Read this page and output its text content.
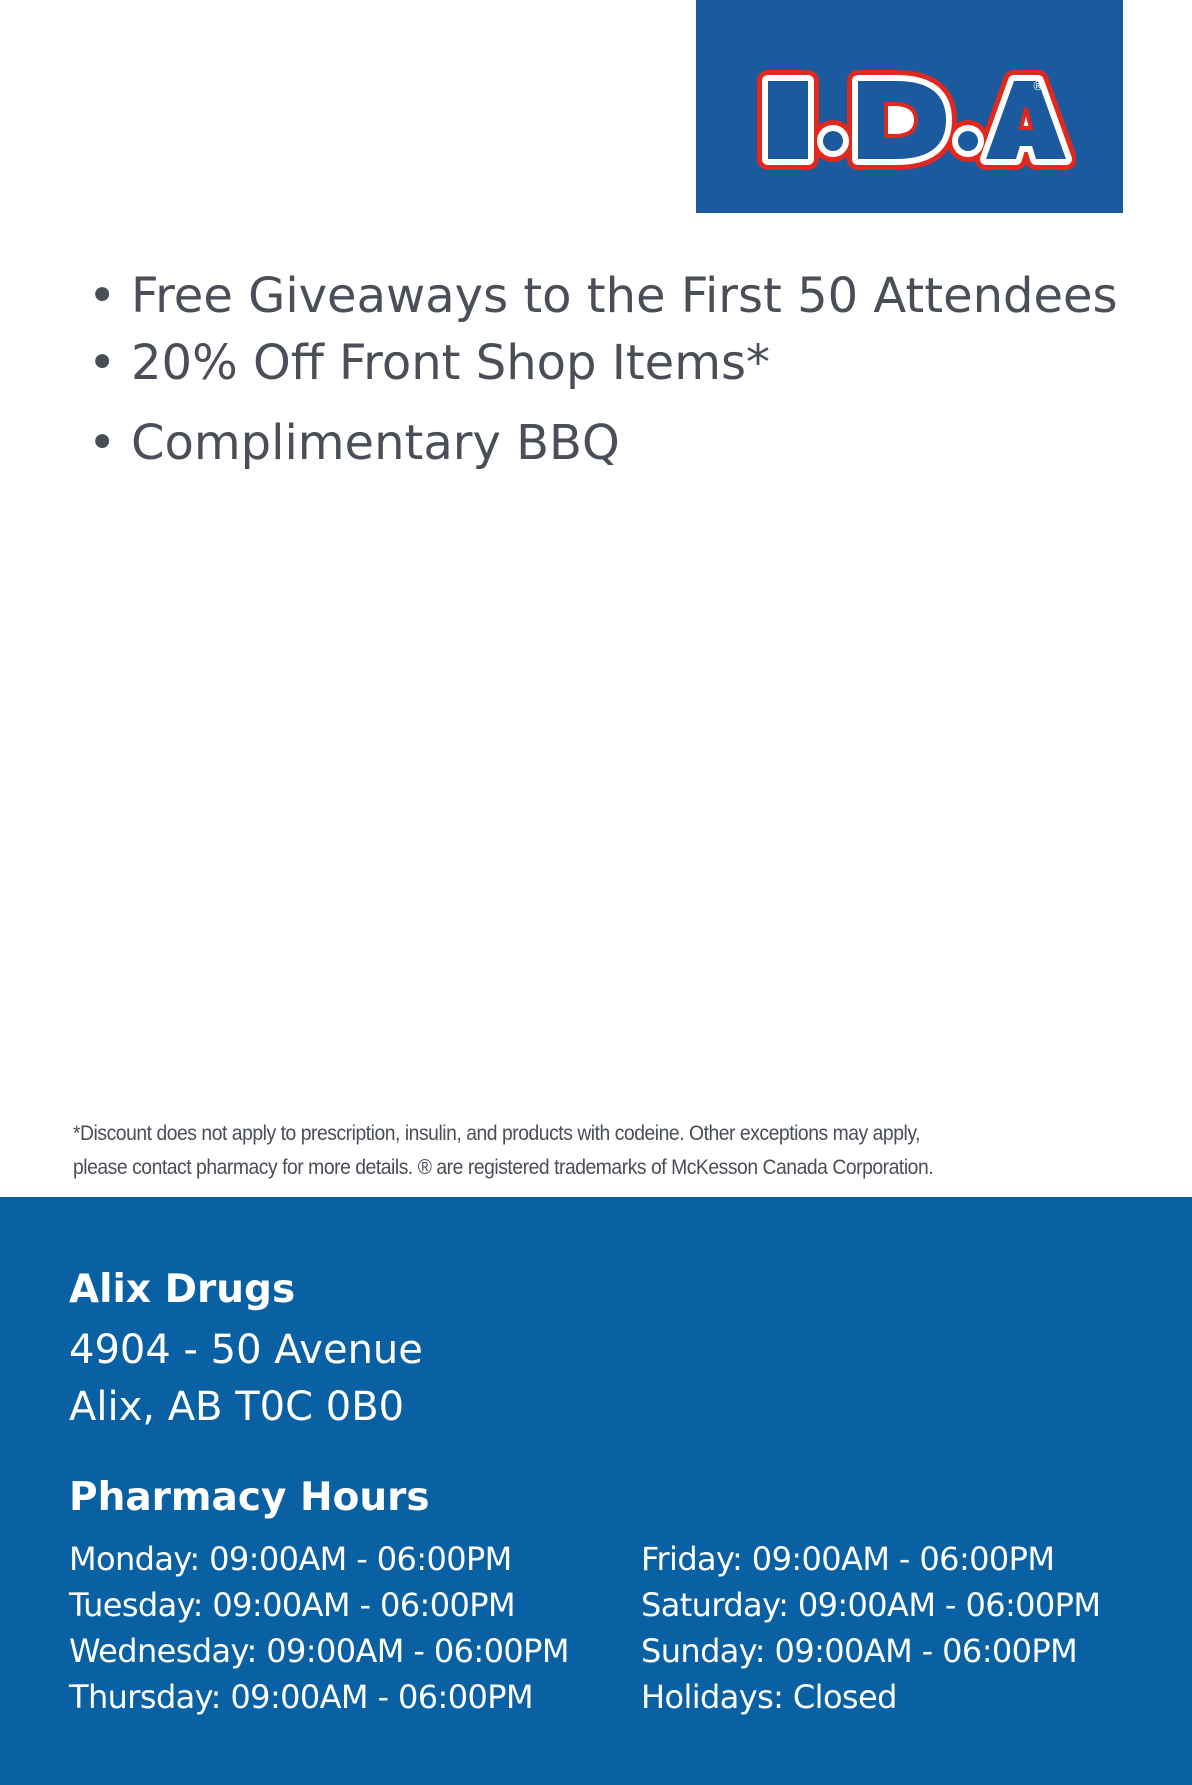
®
• Free Giveaways to the First 50 Attendees
• 20% Off Front Shop Items*
• Complimentary BBQ
*Discount does not apply to prescription, insulin, and products with codeine. Other exceptions may apply,
please contact pharmacy for more details. ® are registered trademarks of McKesson Canada Corporation.
Alix Drugs
4904 - 50 Avenue
Alix, AB T0C 0B0
Pharmacy Hours
Monday: 09:00AM - 06:00PM
Tuesday: 09:00AM - 06:00PM
Wednesday: 09:00AM - 06:00PM
Thursday: 09:00AM - 06:00PM
Friday: 09:00AM - 06:00PM
Saturday: 09:00AM - 06:00PM
Sunday: 09:00AM - 06:00PM
Holidays: Closed
